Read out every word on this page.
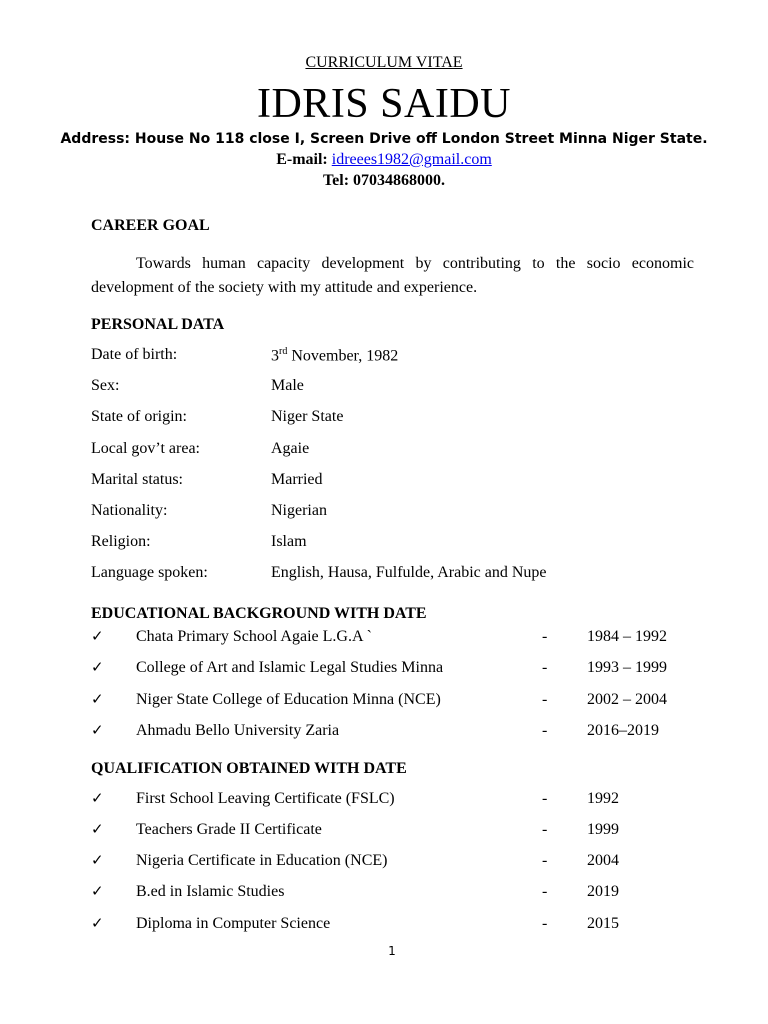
CURRICULUM VITAE
IDRIS SAIDU
Address: House No 118 close I, Screen Drive off London Street Minna Niger State.
E-mail: idreees1982@gmail.com
Tel: 07034868000.
CAREER GOAL
Towards human capacity development by contributing to the socio economic development of the society with my attitude and experience.
PERSONAL DATA
Date of birth:	3rd November, 1982
Sex:	Male
State of origin:	Niger State
Local gov’t area:	Agaie
Marital status:	Married
Nationality:	Nigerian
Religion:	Islam
Language spoken:	English, Hausa, Fulfulde, Arabic and Nupe
EDUCATIONAL BACKGROUND WITH DATE
✓ Chata Primary School Agaie L.G.A `	- 1984 – 1992
✓ College of Art and Islamic Legal Studies Minna	- 1993 – 1999
✓ Niger State College of Education Minna (NCE)	- 2002 – 2004
✓ Ahmadu Bello University Zaria	- 2016–2019
QUALIFICATION OBTAINED WITH DATE
✓ First School Leaving Certificate (FSLC)	- 1992
✓ Teachers Grade II Certificate	- 1999
✓ Nigeria Certificate in Education (NCE)	- 2004
✓ B.ed in Islamic Studies	- 2019
✓ Diploma in Computer Science	- 2015
1
